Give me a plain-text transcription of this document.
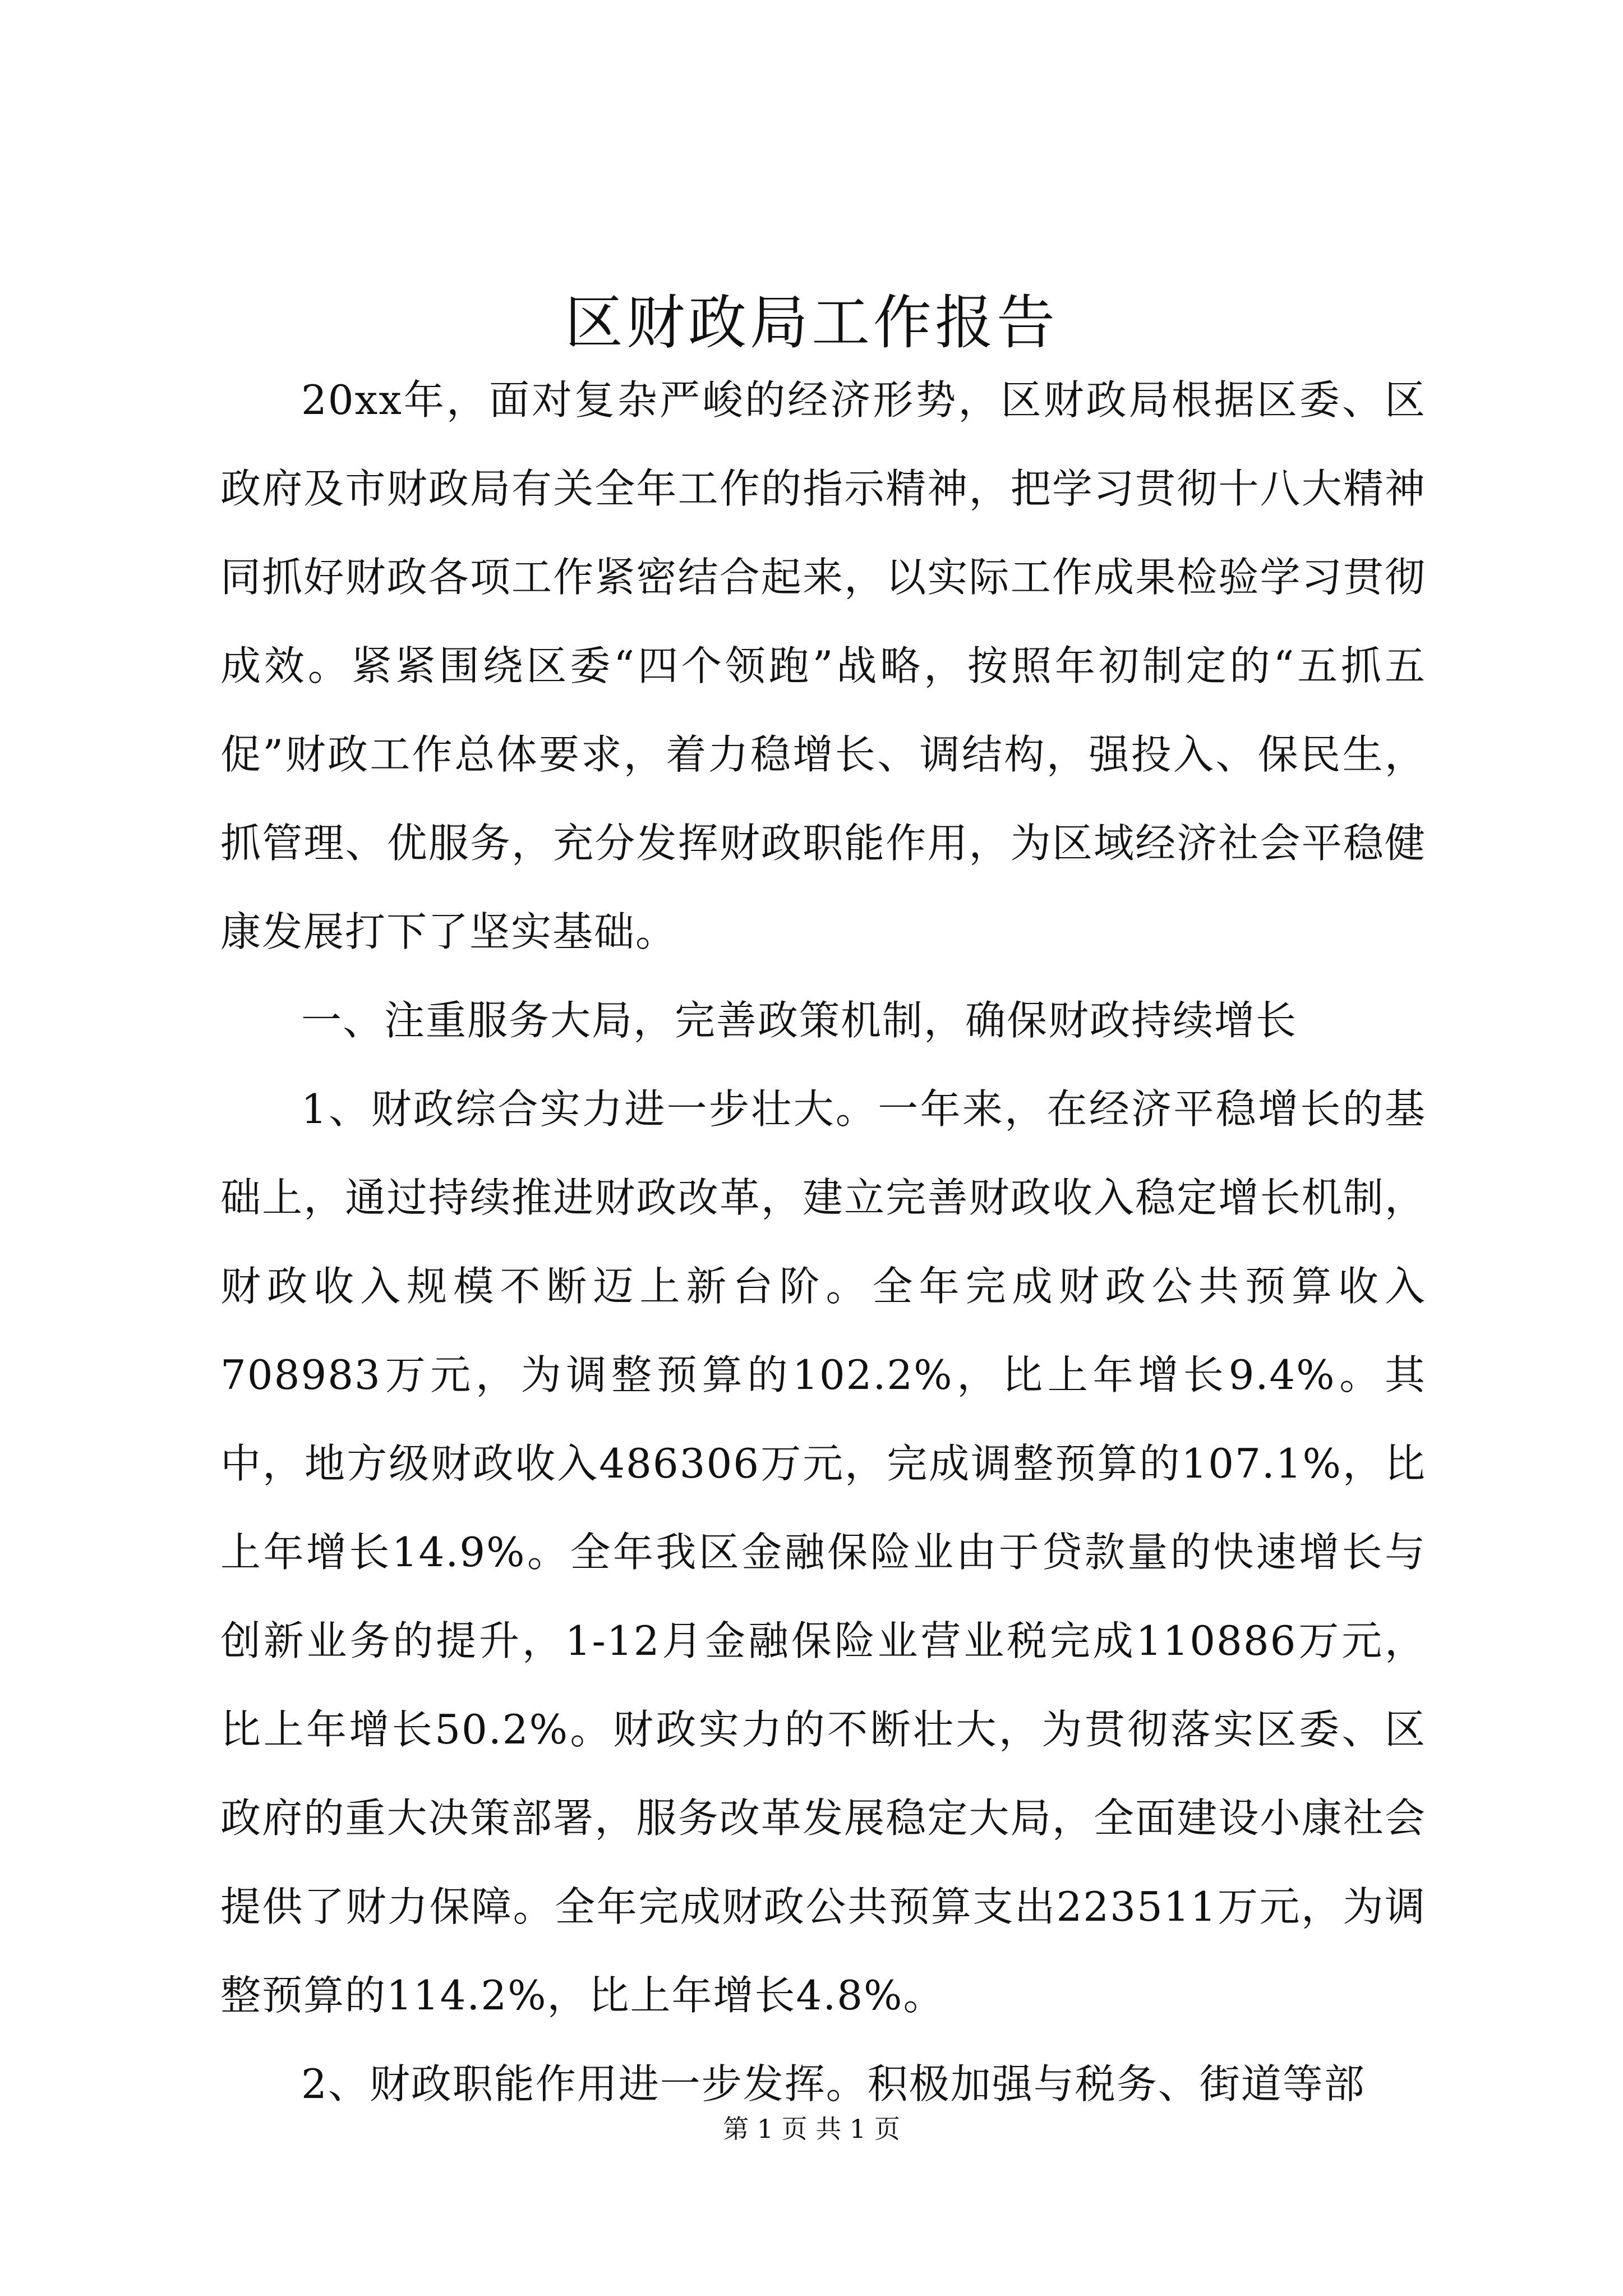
区财政局工作报告

20xx年，面对复杂严峻的经济形势，区财政局根据区委、区政府及市财政局有关全年工作的指示精神，把学习贯彻十八大精神同抓好财政各项工作紧密结合起来，以实际工作成果检验学习贯彻成效。紧紧围绕区委“四个领跑”战略，按照年初制定的“五抓五促”财政工作总体要求，着力稳增长、调结构，强投入、保民生，抓管理、优服务，充分发挥财政职能作用，为区域经济社会平稳健康发展打下了坚实基础。

一、注重服务大局，完善政策机制，确保财政持续增长

1、财政综合实力进一步壮大。一年来，在经济平稳增长的基础上，通过持续推进财政改革，建立完善财政收入稳定增长机制，财政收入规模不断迈上新台阶。全年完成财政公共预算收入708983万元，为调整预算的102.2%，比上年增长9.4%。其中，地方级财政收入486306万元，完成调整预算的107.1%，比上年增长14.9%。全年我区金融保险业由于贷款量的快速增长与创新业务的提升，1-12月金融保险业营业税完成110886万元，比上年增长50.2%。财政实力的不断壮大，为贯彻落实区委、区政府的重大决策部署，服务改革发展稳定大局，全面建设小康社会提供了财力保障。全年完成财政公共预算支出223511万元，为调整预算的114.2%，比上年增长4.8%。

2、财政职能作用进一步发挥。积极加强与税务、街道等部

第 1 页 共 1 页
